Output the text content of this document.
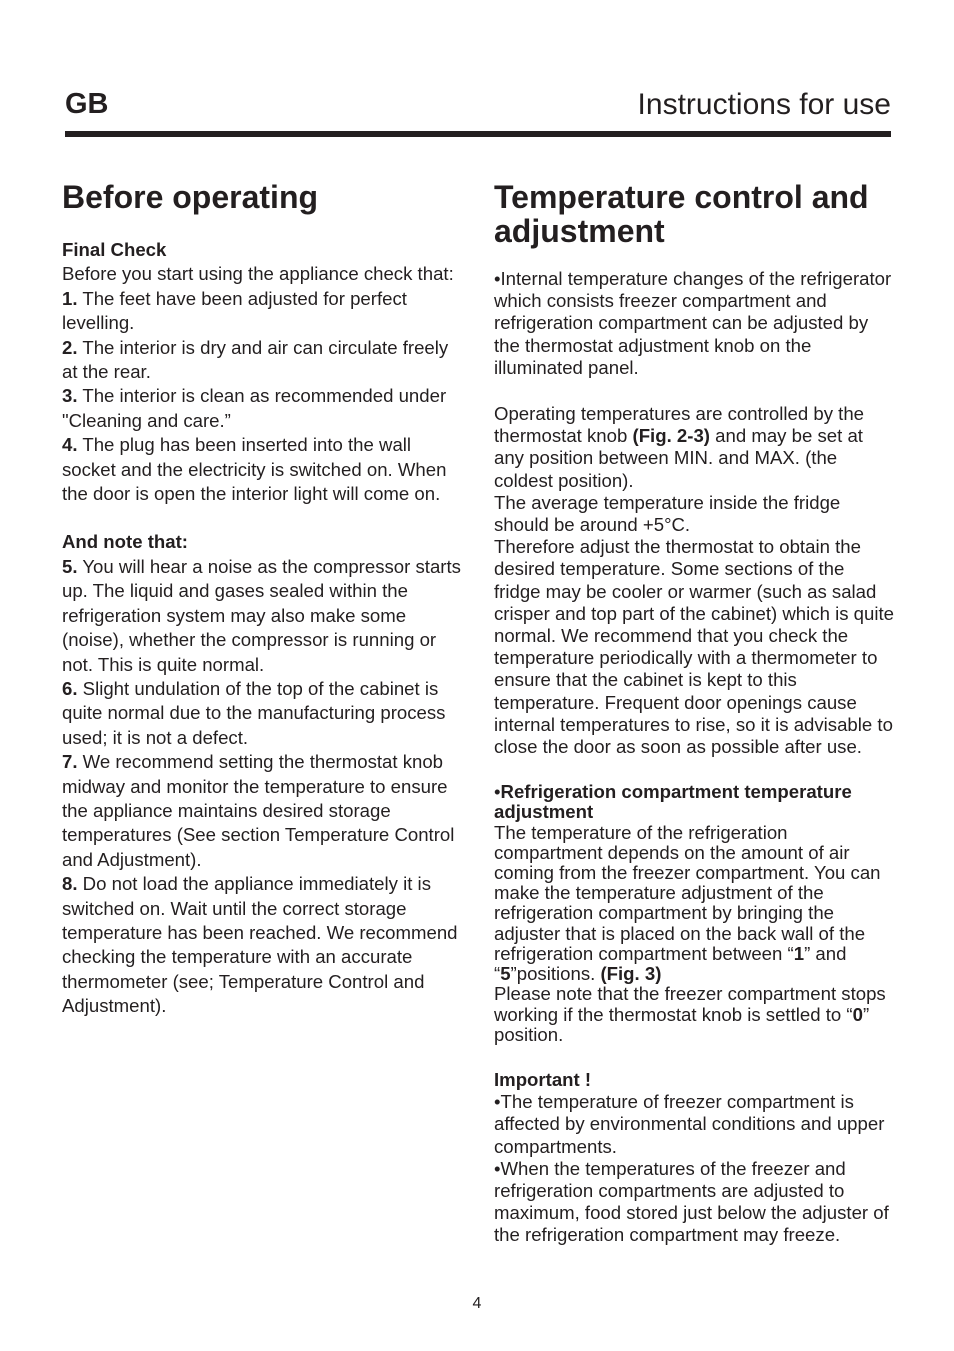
GB	Instructions for use
Before operating

Final Check

Before you start using the appliance check that:

1. The feet have been adjusted for perfect levelling.

2. The interior is dry and air can circulate freely at the rear.

3. The interior is clean as recommended under "Cleaning and care.”

4. The plug has been inserted into the wall socket and the electricity is switched on. When the door is open the interior light will come on.

And note that:

5. You will hear a noise as the compressor starts up. The liquid and gases sealed within the refrigeration system may also make some (noise), whether the compressor is running or not. This is quite normal.

6. Slight undulation of the top of the cabinet is quite normal due to the manufacturing process used; it is not a defect.

7. We recommend setting the thermostat knob midway and monitor the temperature to ensure the appliance maintains desired storage temperatures (See section Temperature Control and Adjustment).

8. Do not load the appliance immediately it is switched on. Wait until the correct storage temperature has been reached. We recommend checking the temperature with an accurate thermometer (see; Temperature Control and Adjustment).

Temperature control and adjustment

•Internal temperature changes of the refrigerator which consists freezer compartment and refrigeration compartment can be adjusted by the thermostat adjustment knob on the illuminated panel.

Operating temperatures are controlled by the thermostat knob (Fig. 2-3) and may be set at any position between MIN. and MAX. (the coldest position).

The average temperature inside the fridge should be around +5°C.

Therefore adjust the thermostat to obtain the desired temperature. Some sections of the fridge may be cooler or warmer (such as salad crisper and top part of the cabinet) which is quite normal. We recommend that you check the temperature periodically with a thermometer to ensure that the cabinet is kept to this temperature. Frequent door openings cause internal temperatures to rise, so it is advisable to close the door as soon as possible after use.

•Refrigeration compartment temperature adjustment

The temperature of the refrigeration compartment depends on the amount of air coming from the freezer compartment. You can make the temperature adjustment of the refrigeration compartment by bringing the adjuster that is placed on the back wall of the refrigeration compartment between “1” and “5”positions. (Fig. 3)

Please note that the freezer compartment stops working if the thermostat knob is settled to “0” position.

Important !

•The temperature of freezer compartment is affected by environmental conditions and upper compartments.

•When the temperatures of the freezer and refrigeration compartments are adjusted to maximum, food stored just below the adjuster of the refrigeration compartment may freeze.

4
